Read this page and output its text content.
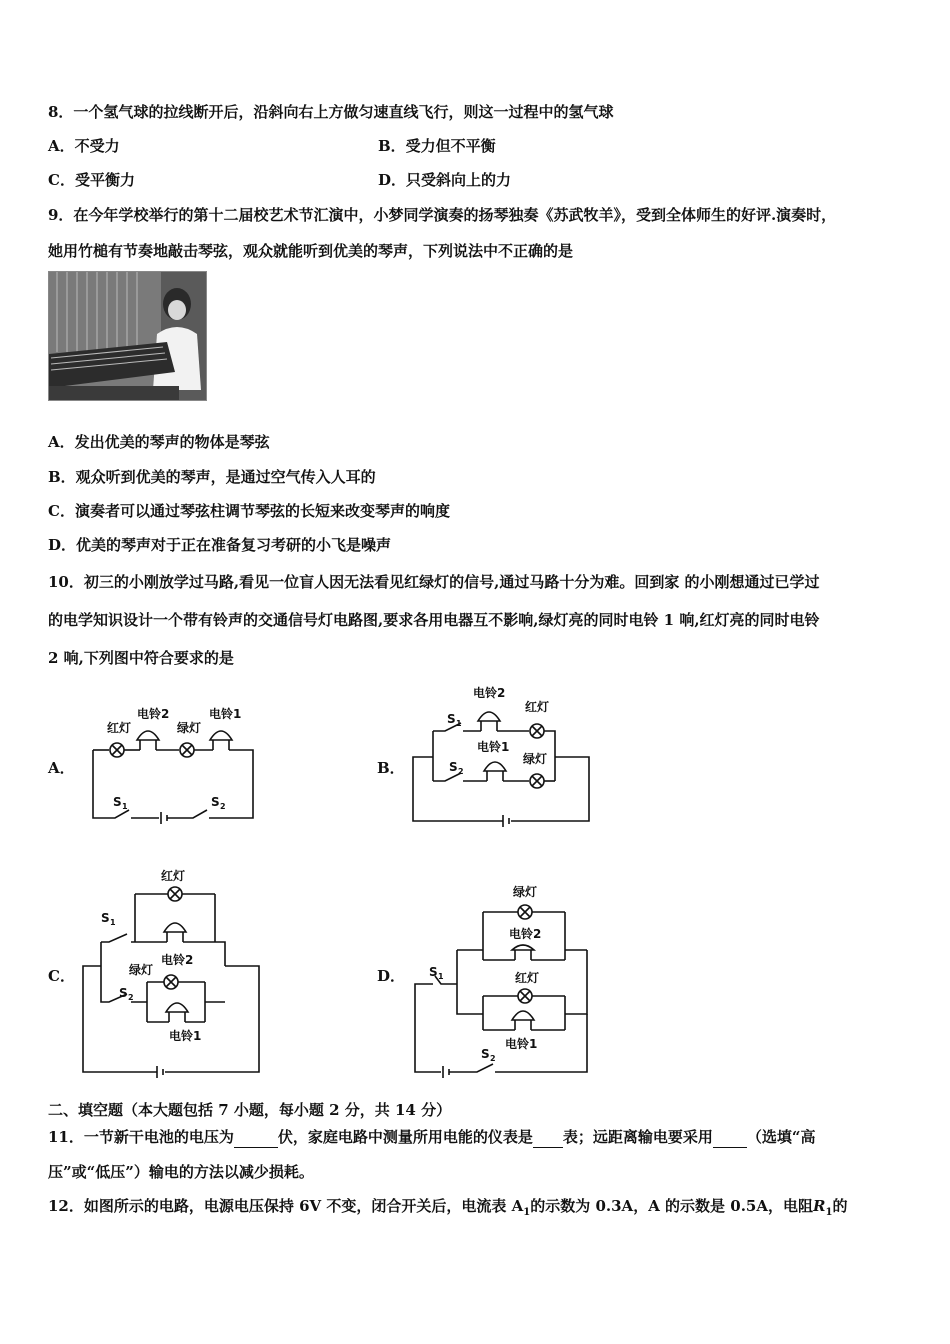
8．一个氢气球的拉线断开后，沿斜向右上方做匀速直线飞行，则这一过程中的氢气球
A．不受力	B．受力但不平衡
C．受平衡力	D．只受斜向上的力
9．在今年学校举行的第十二届校艺术节汇演中，小梦同学演奏的扬琴独奏《苏武牧羊》，受到全体师生的好评.演奏时，
她用竹槌有节奏地敲击琴弦，观众就能听到优美的琴声，下列说法中不正确的是
A．发出优美的琴声的物体是琴弦
B．观众听到优美的琴声，是通过空气传入人耳的
C．演奏者可以通过琴弦柱调节琴弦的长短来改变琴声的响度
D．优美的琴声对于正在准备复习考研的小飞是噪声
10．初三的小刚放学过马路,看见一位盲人因无法看见红绿灯的信号,通过马路十分为难。回到家 的小刚想通过已学过
的电学知识设计一个带有铃声的交通信号灯电路图,要求各用电器互不影响,绿灯亮的同时电铃 1 响,红灯亮的同时电铃
2 响,下列图中符合要求的是
A．	B．
C．	D．
红灯
电铃2
绿灯
电铃1
S 1	S 2
电铃2
红灯
S 1
电铃1
绿灯
S 2
红灯
S 1
绿灯
电铃2
S 2
电铃1
绿灯
电铃2
红灯
电铃1
S 1
S 2
二、填空题（本大题包括 7 小题，每小题 2 分，共 14 分）
11．一节新干电池的电压为	伏，家庭电路中测量所用电能的仪表是 表；远距离输电要采用 （选填“高
压”或“低压”）输电的方法以减少损耗。
12．如图所示的电路，电源电压保持 6V 不变，闭合开关后，电流表 $A_1$的示数为 0.3A，A 的示数是 0.5A，电阻$R_1$的
